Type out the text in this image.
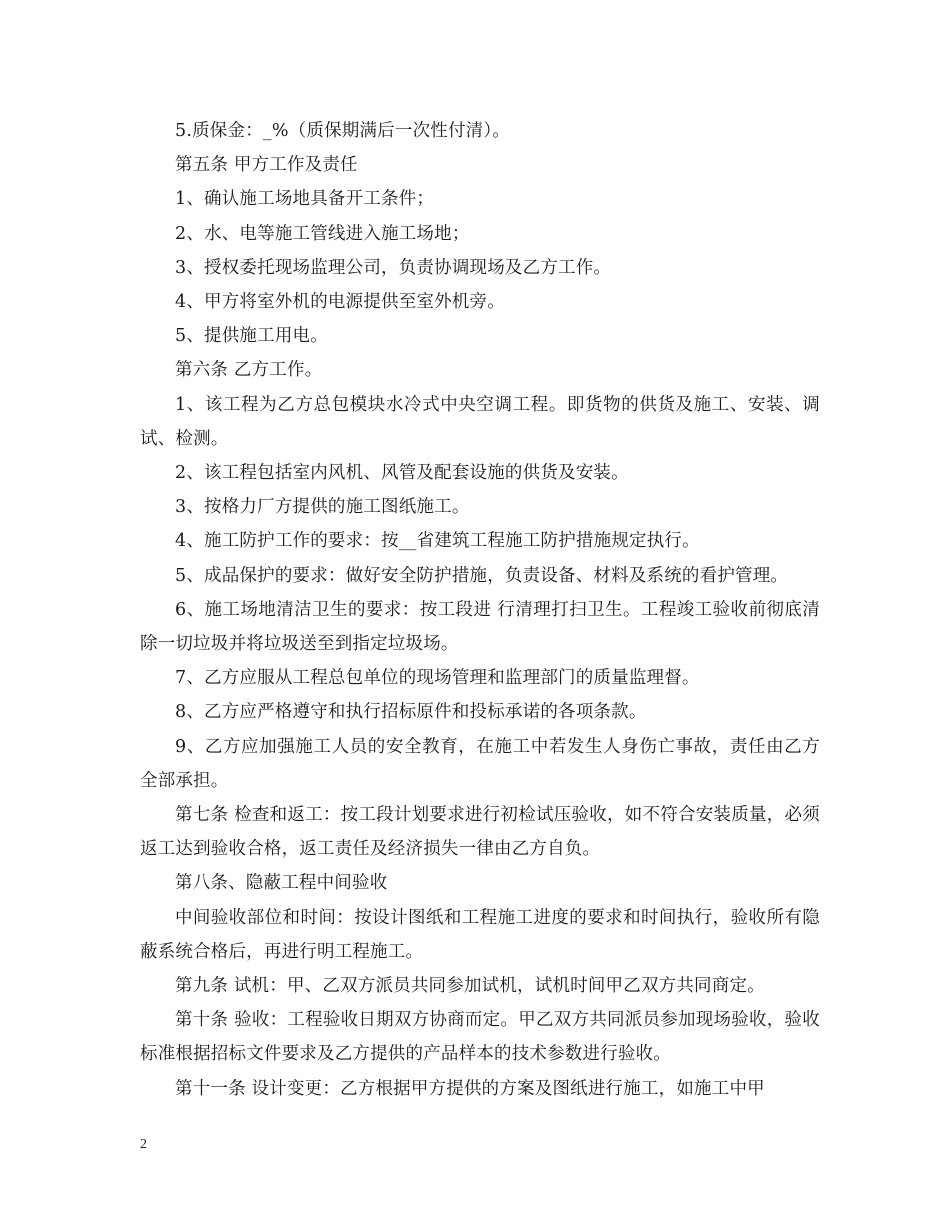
5.质保金：_%（质保期满后一次性付清）。

第五条 甲方工作及责任

1、确认施工场地具备开工条件；

2、水、电等施工管线进入施工场地；

3、授权委托现场监理公司，负责协调现场及乙方工作。

4、甲方将室外机的电源提供至室外机旁。

5、提供施工用电。

第六条 乙方工作。

1、该工程为乙方总包模块水冷式中央空调工程。即货物的供货及施工、安装、调试、检测。

2、该工程包括室内风机、风管及配套设施的供货及安装。

3、按格力厂方提供的施工图纸施工。

4、施工防护工作的要求：按__省建筑工程施工防护措施规定执行。

5、成品保护的要求：做好安全防护措施，负责设备、材料及系统的看护管理。

6、施工场地清洁卫生的要求：按工段进 行清理打扫卫生。工程竣工验收前彻底清除一切垃圾并将垃圾送至到指定垃圾场。

7、乙方应服从工程总包单位的现场管理和监理部门的质量监理督。

8、乙方应严格遵守和执行招标原件和投标承诺的各项条款。

9、乙方应加强施工人员的安全教育，在施工中若发生人身伤亡事故，责任由乙方全部承担。

第七条 检查和返工：按工段计划要求进行初检试压验收，如不符合安装质量，必须返工达到验收合格，返工责任及经济损失一律由乙方自负。

第八条、隐蔽工程中间验收

中间验收部位和时间：按设计图纸和工程施工进度的要求和时间执行，验收所有隐蔽系统合格后，再进行明工程施工。

第九条 试机：甲、乙双方派员共同参加试机，试机时间甲乙双方共同商定。

第十条 验收：工程验收日期双方协商而定。甲乙双方共同派员参加现场验收，验收标准根据招标文件要求及乙方提供的产品样本的技术参数进行验收。

第十一条 设计变更：乙方根据甲方提供的方案及图纸进行施工，如施工中甲

2
